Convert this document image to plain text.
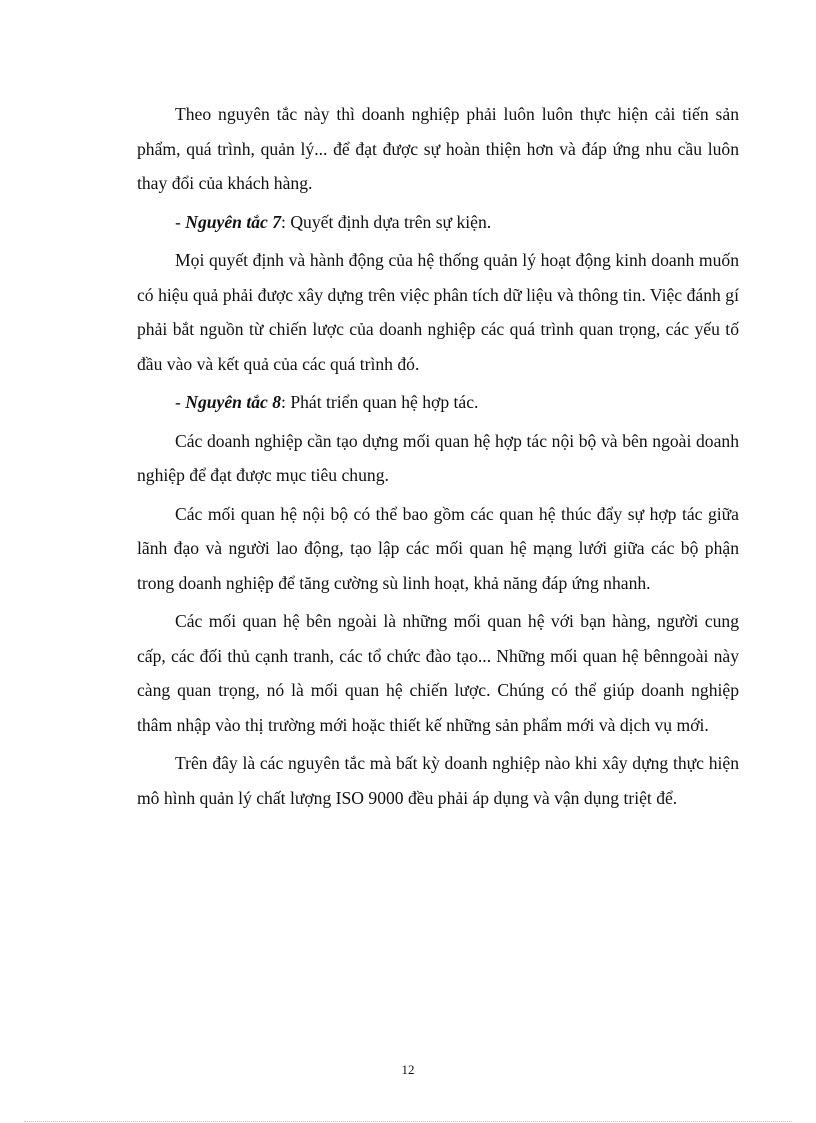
Theo nguyên tắc này thì doanh nghiệp phải luôn luôn thực hiện cải tiến sản phẩm, quá trình, quản lý... để đạt được sự hoàn thiện hơn và đáp ứng nhu cầu luôn thay đổi của khách hàng.

- Nguyên tắc 7: Quyết định dựa trên sự kiện.

Mọi quyết định và hành động của hệ thống quản lý hoạt động kinh doanh muốn có hiệu quả phải được xây dựng trên việc phân tích dữ liệu và thông tin. Việc đánh gí phải bắt nguồn từ chiến lược của doanh nghiệp các quá trình quan trọng, các yếu tố đầu vào và kết quả của các quá trình đó.

- Nguyên tắc 8: Phát triển quan hệ hợp tác.

Các doanh nghiệp cần tạo dựng mối quan hệ hợp tác nội bộ và bên ngoài doanh nghiệp để đạt được mục tiêu chung.

Các mối quan hệ nội bộ có thể bao gồm các quan hệ thúc đẩy sự hợp tác giữa lãnh đạo và người lao động, tạo lập các mối quan hệ mạng lưới giữa các bộ phận trong doanh nghiệp để tăng cường sù linh hoạt, khả năng đáp ứng nhanh.

Các mối quan hệ bên ngoài là những mối quan hệ với bạn hàng, người cung cấp, các đối thủ cạnh tranh, các tổ chức đào tạo... Những mối quan hệ bênngoài này càng quan trọng, nó là mối quan hệ chiến lược. Chúng có thể giúp doanh nghiệp thâm nhập vào thị trường mới hoặc thiết kế những sản phẩm mới và dịch vụ mới.

Trên đây là các nguyên tắc mà bất kỳ doanh nghiệp nào khi xây dựng thực hiện mô hình quản lý chất lượng ISO 9000 đều phải áp dụng và vận dụng triệt để.

12
